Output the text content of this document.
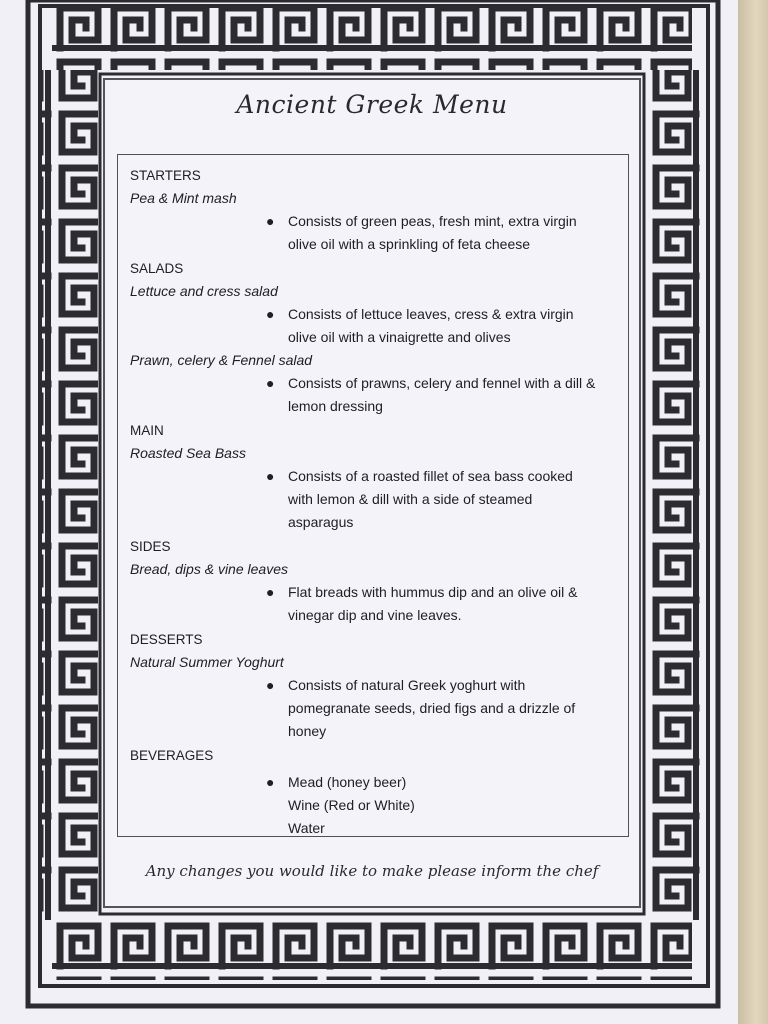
Ancient Greek Menu
STARTERS
Pea & Mint mash
● Consists of green peas, fresh mint, extra virgin olive oil with a sprinkling of feta cheese
SALADS
Lettuce and cress salad
● Consists of lettuce leaves, cress & extra virgin olive oil with a vinaigrette and olives
Prawn, celery & Fennel salad
● Consists of prawns, celery and fennel with a dill & lemon dressing
MAIN
Roasted Sea Bass
● Consists of a roasted fillet of sea bass cooked with lemon & dill with a side of steamed asparagus
SIDES
Bread, dips & vine leaves
● Flat breads with hummus dip and an olive oil & vinegar dip and vine leaves.
DESSERTS
Natural Summer Yoghurt
● Consists of natural Greek yoghurt with pomegranate seeds, dried figs and a drizzle of honey
BEVERAGES
● Mead (honey beer)
Wine (Red or White)
Water
Any changes you would like to make please inform the chef
